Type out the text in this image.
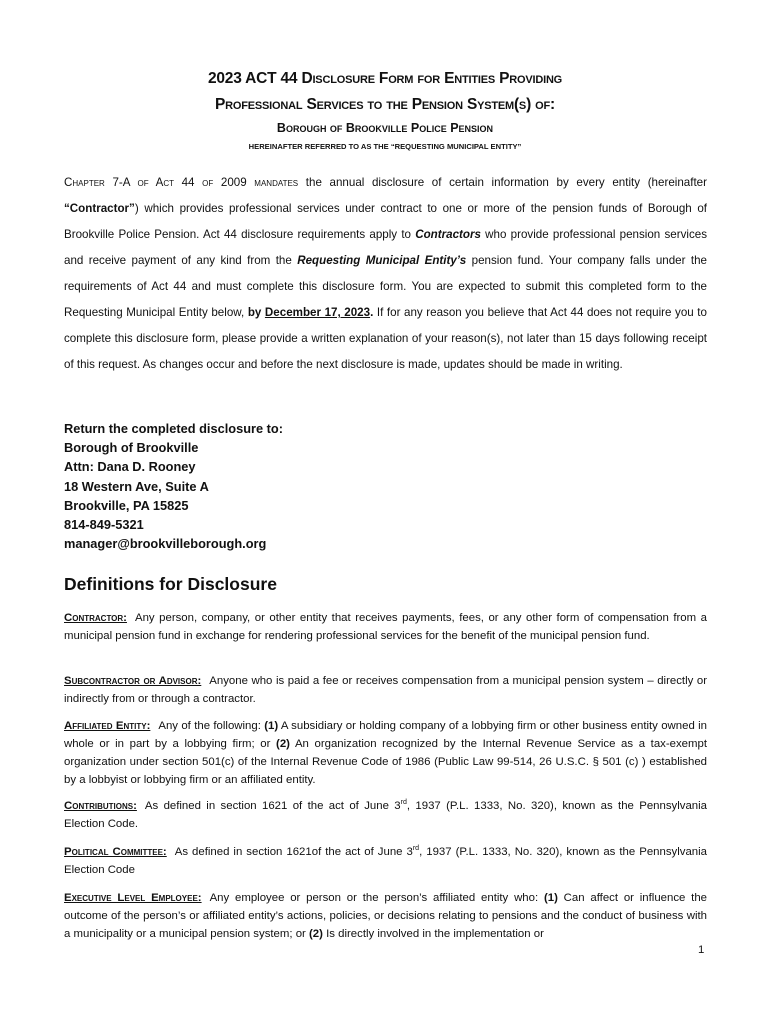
2023 ACT 44 Disclosure Form for Entities Providing
Professional Services to the Pension System(s) of:
Borough of Brookville Police Pension
HEREINAFTER REFERRED TO AS THE “REQUESTING MUNICIPAL ENTITY”

Chapter 7-A of Act 44 of 2009 mandates the annual disclosure of certain information by every entity (hereinafter “Contractor”) which provides professional services under contract to one or more of the pension funds of Borough of Brookville Police Pension. Act 44 disclosure requirements apply to Contractors who provide professional pension services and receive payment of any kind from the Requesting Municipal Entity’s pension fund. Your company falls under the requirements of Act 44 and must complete this disclosure form. You are expected to submit this completed form to the Requesting Municipal Entity below, by December 17, 2023. If for any reason you believe that Act 44 does not require you to complete this disclosure form, please provide a written explanation of your reason(s), not later than 15 days following receipt of this request. As changes occur and before the next disclosure is made, updates should be made in writing.

Return the completed disclosure to:
Borough of Brookville
Attn: Dana D. Rooney
18 Western Ave, Suite A
Brookville, PA 15825
814-849-5321
manager@brookvilleborough.org
Definitions for Disclosure

Contractor: Any person, company, or other entity that receives payments, fees, or any other form of compensation from a municipal pension fund in exchange for rendering professional services for the benefit of the municipal pension fund.

Subcontractor or Advisor: Anyone who is paid a fee or receives compensation from a municipal pension system – directly or indirectly from or through a contractor.

Affiliated Entity: Any of the following: (1) A subsidiary or holding company of a lobbying firm or other business entity owned in whole or in part by a lobbying firm; or (2) An organization recognized by the Internal Revenue Service as a tax-exempt organization under section 501(c) of the Internal Revenue Code of 1986 (Public Law 99-514, 26 U.S.C. § 501 (c) ) established by a lobbyist or lobbying firm or an affiliated entity.

Contributions: As defined in section 1621 of the act of June 3rd, 1937 (P.L. 1333, No. 320), known as the Pennsylvania Election Code.

Political Committee: As defined in section 1621of the act of June 3rd, 1937 (P.L. 1333, No. 320), known as the Pennsylvania Election Code

Executive Level Employee: Any employee or person or the person’s affiliated entity who: (1) Can affect or influence the outcome of the person’s or affiliated entity’s actions, policies, or decisions relating to pensions and the conduct of business with a municipality or a municipal pension system; or (2) Is directly involved in the implementation or

1
